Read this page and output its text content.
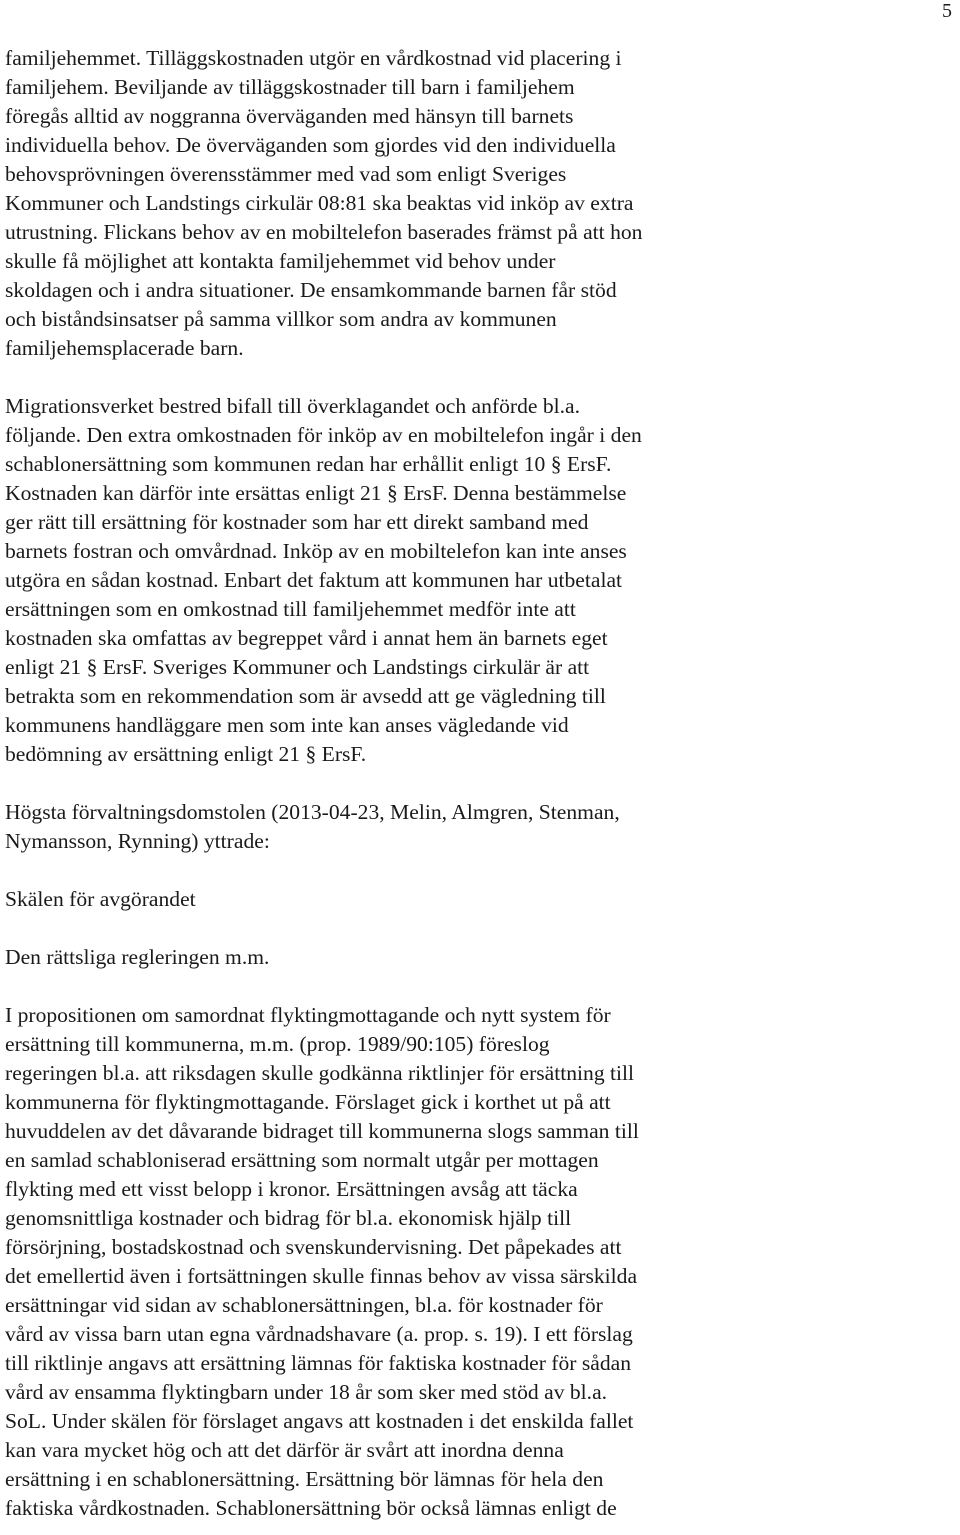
5

familjehemmet. Tilläggskostnaden utgör en vårdkostnad vid placering i
familjehem. Beviljande av tilläggskostnader till barn i familjehem
föregås alltid av noggranna överväganden med hänsyn till barnets
individuella behov. De överväganden som gjordes vid den individuella
behovsprövningen överensstämmer med vad som enligt Sveriges
Kommuner och Landstings cirkulär 08:81 ska beaktas vid inköp av extra
utrustning. Flickans behov av en mobiltelefon baserades främst på att hon
skulle få möjlighet att kontakta familjehemmet vid behov under
skoldagen och i andra situationer. De ensamkommande barnen får stöd
och biståndsinsatser på samma villkor som andra av kommunen
familjehemsplacerade barn.

Migrationsverket bestred bifall till överklagandet och anförde bl.a.
följande. Den extra omkostnaden för inköp av en mobiltelefon ingår i den
schablonersättning som kommunen redan har erhållit enligt 10 § ErsF.
Kostnaden kan därför inte ersättas enligt 21 § ErsF. Denna bestämmelse
ger rätt till ersättning för kostnader som har ett direkt samband med
barnets fostran och omvårdnad. Inköp av en mobiltelefon kan inte anses
utgöra en sådan kostnad. Enbart det faktum att kommunen har utbetalat
ersättningen som en omkostnad till familjehemmet medför inte att
kostnaden ska omfattas av begreppet vård i annat hem än barnets eget
enligt 21 § ErsF. Sveriges Kommuner och Landstings cirkulär är att
betrakta som en rekommendation som är avsedd att ge vägledning till
kommunens handläggare men som inte kan anses vägledande vid
bedömning av ersättning enligt 21 § ErsF.

Högsta förvaltningsdomstolen (2013-04-23, Melin, Almgren, Stenman,
Nymansson, Rynning) yttrade:

Skälen för avgörandet

Den rättsliga regleringen m.m.

I propositionen om samordnat flyktingmottagande och nytt system för
ersättning till kommunerna, m.m. (prop. 1989/90:105) föreslog
regeringen bl.a. att riksdagen skulle godkänna riktlinjer för ersättning till
kommunerna för flyktingmottagande. Förslaget gick i korthet ut på att
huvuddelen av det dåvarande bidraget till kommunerna slogs samman till
en samlad schabloniserad ersättning som normalt utgår per mottagen
flykting med ett visst belopp i kronor. Ersättningen avsåg att täcka
genomsnittliga kostnader och bidrag för bl.a. ekonomisk hjälp till
försörjning, bostadskostnad och svenskundervisning. Det påpekades att
det emellertid även i fortsättningen skulle finnas behov av vissa särskilda
ersättningar vid sidan av schablonersättningen, bl.a. för kostnader för
vård av vissa barn utan egna vårdnadshavare (a. prop. s. 19). I ett förslag
till riktlinje angavs att ersättning lämnas för faktiska kostnader för sådan
vård av ensamma flyktingbarn under 18 år som sker med stöd av bl.a.
SoL. Under skälen för förslaget angavs att kostnaden i det enskilda fallet
kan vara mycket hög och att det därför är svårt att inordna denna
ersättning i en schablonersättning. Ersättning bör lämnas för hela den
faktiska vårdkostnaden. Schablonersättning bör också lämnas enligt de
